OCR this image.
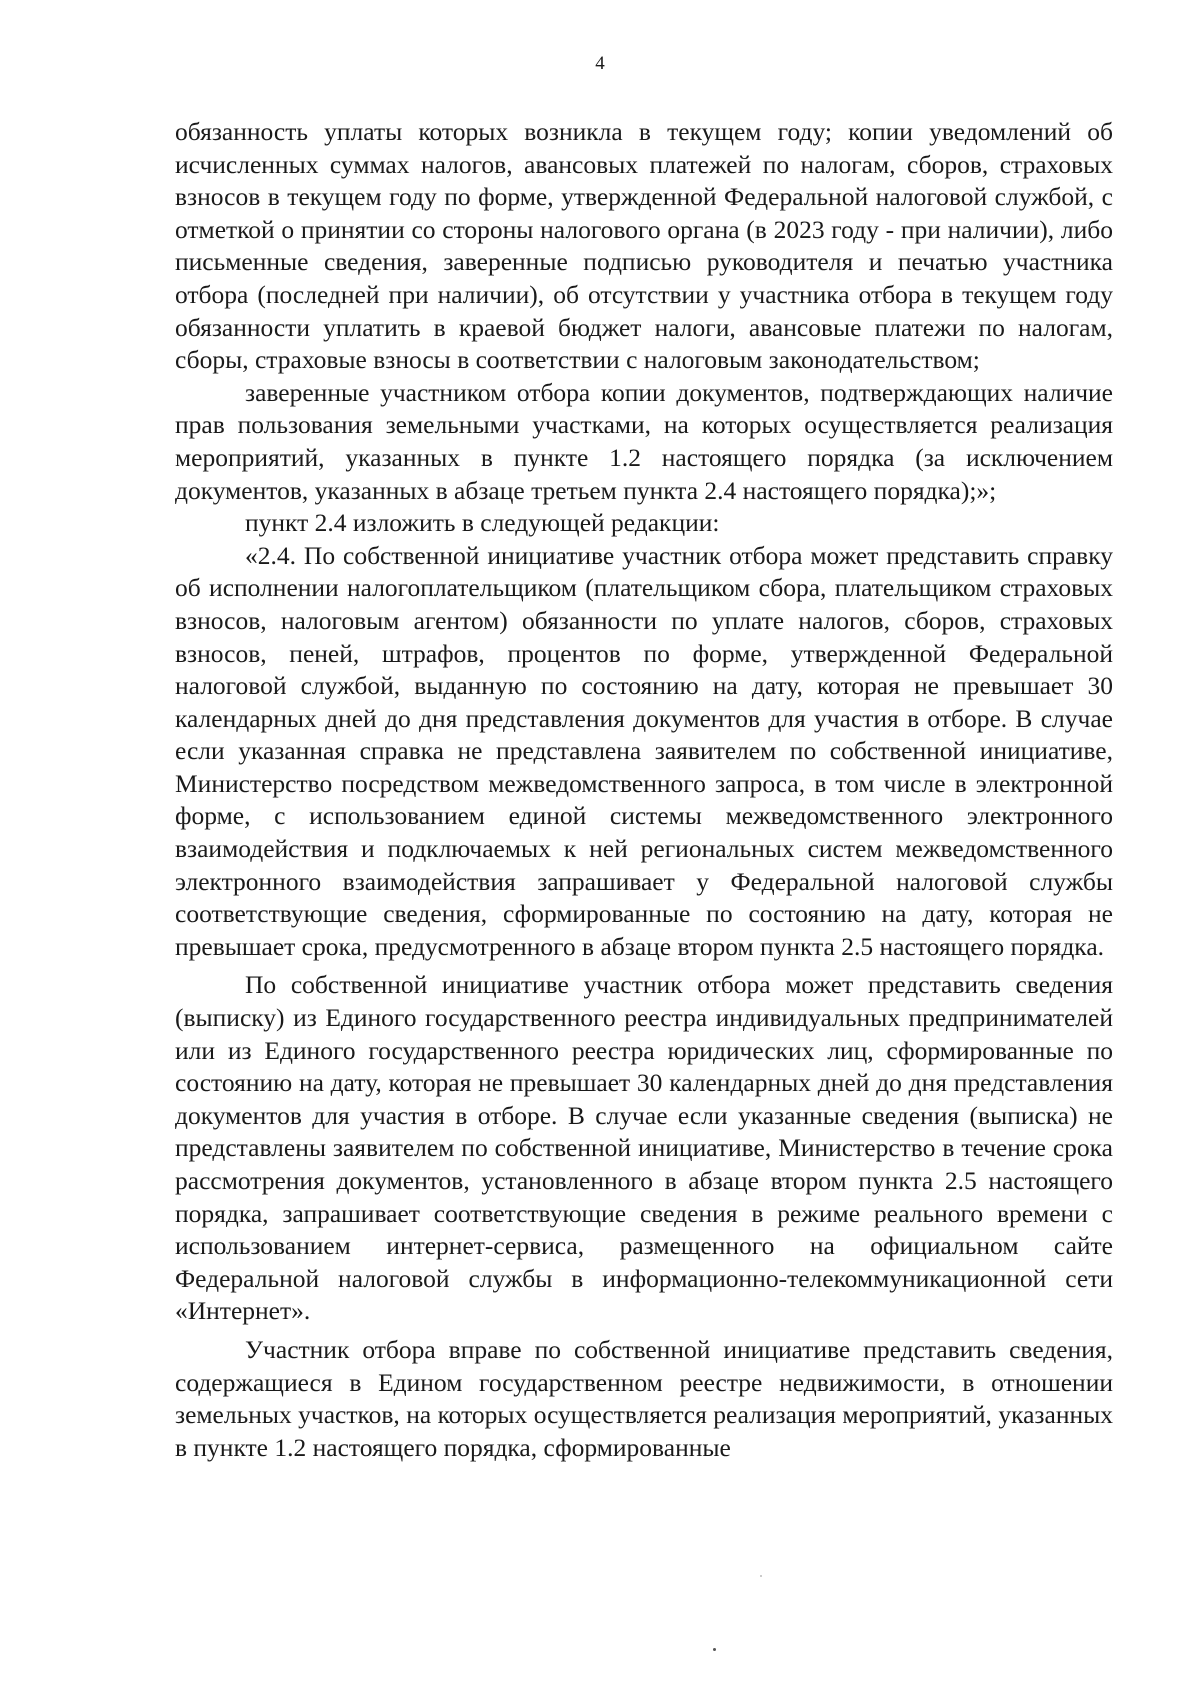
4

обязанность уплаты которых возникла в текущем году; копии уведомлений об исчисленных суммах налогов, авансовых платежей по налогам, сборов, страховых взносов в текущем году по форме, утвержденной Федеральной налоговой службой, с отметкой о принятии со стороны налогового органа (в 2023 году - при наличии), либо письменные сведения, заверенные подписью руководителя и печатью участника отбора (последней при наличии), об отсутствии у участника отбора в текущем году обязанности уплатить в краевой бюджет налоги, авансовые платежи по налогам, сборы, страховые взносы в соответствии с налоговым законодательством;

заверенные участником отбора копии документов, подтверждающих наличие прав пользования земельными участками, на которых осуществляется реализация мероприятий, указанных в пункте 1.2 настоящего порядка (за исключением документов, указанных в абзаце третьем пункта 2.4 настоящего порядка);»;

пункт 2.4 изложить в следующей редакции:

«2.4. По собственной инициативе участник отбора может представить справку об исполнении налогоплательщиком (плательщиком сбора, плательщиком страховых взносов, налоговым агентом) обязанности по уплате налогов, сборов, страховых взносов, пеней, штрафов, процентов по форме, утвержденной Федеральной налоговой службой, выданную по состоянию на дату, которая не превышает 30 календарных дней до дня представления документов для участия в отборе. В случае если указанная справка не представлена заявителем по собственной инициативе, Министерство посредством межведомственного запроса, в том числе в электронной форме, с использованием единой системы межведомственного электронного взаимодействия и подключаемых к ней региональных систем межведомственного электронного взаимодействия запрашивает у Федеральной налоговой службы соответствующие сведения, сформированные по состоянию на дату, которая не превышает срока, предусмотренного в абзаце втором пункта 2.5 настоящего порядка.

По собственной инициативе участник отбора может представить сведения (выписку) из Единого государственного реестра индивидуальных предпринимателей или из Единого государственного реестра юридических лиц, сформированные по состоянию на дату, которая не превышает 30 календарных дней до дня представления документов для участия в отборе. В случае если указанные сведения (выписка) не представлены заявителем по собственной инициативе, Министерство в течение срока рассмотрения документов, установленного в абзаце втором пункта 2.5 настоящего порядка, запрашивает соответствующие сведения в режиме реального времени с использованием интернет-сервиса, размещенного на официальном сайте Федеральной налоговой службы в информационно-телекоммуникационной сети «Интернет».

Участник отбора вправе по собственной инициативе представить сведения, содержащиеся в Едином государственном реестре недвижимости, в отношении земельных участков, на которых осуществляется реализация мероприятий, указанных в пункте 1.2 настоящего порядка, сформированные
